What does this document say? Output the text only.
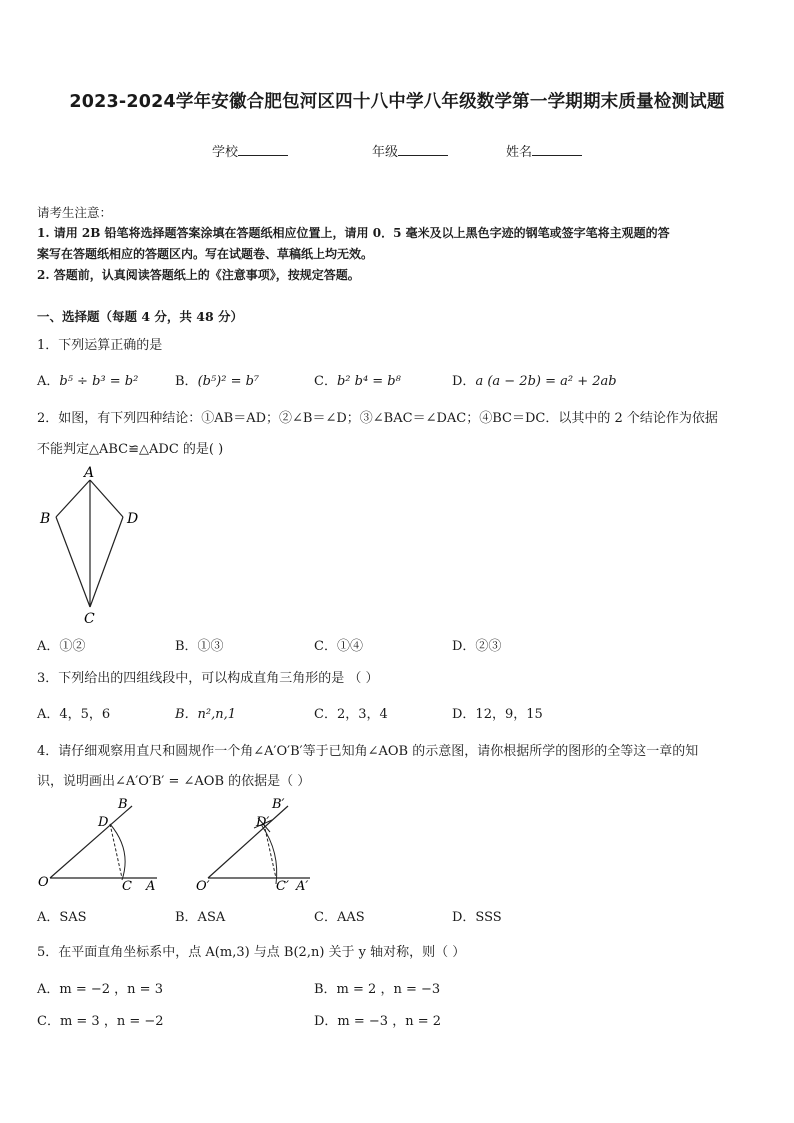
2023-2024学年安徽合肥包河区四十八中学八年级数学第一学期期末质量检测试题
学校	年级	姓名
请考生注意：
1. 请用 2B 铅笔将选择题答案涂填在答题纸相应位置上，请用 0．5 毫米及以上黑色字迹的钢笔或签字笔将主观题的答
案写在答题纸相应的答题区内。写在试题卷、草稿纸上均无效。
2. 答题前，认真阅读答题纸上的《注意事项》，按规定答题。
一、选择题（每题 4 分，共 48 分）
1．下列运算正确的是
A．b⁵ ÷ b³ = b²	B．(b⁵)² = b⁷	C．b² b⁴ = b⁸	D．a (a − 2b) = a² + 2ab
2．如图，有下列四种结论：①AB＝AD；②∠B＝∠D；③∠BAC＝∠DAC；④BC＝DC．以其中的 2 个结论作为依据
不能判定△ABC≌△ADC 的是( )
A
B	D
C
A．①②	B．①③	C．①④	D．②③
3．下列给出的四组线段中，可以构成直角三角形的是 （ ）
A．4，5，6	B．n²,n,1	C．2，3，4	D．12，9，15
4．请仔细观察用直尺和圆规作一个角∠A′O′B′等于已知角∠AOB 的示意图，请你根据所学的图形的全等这一章的知
识，说明画出∠A′O′B′ = ∠AOB 的依据是（ ）
O	C A
B
D
O′	C′ A′
B′
D′
A．SAS	B．ASA	C．AAS	D．SSS
5．在平面直角坐标系中，点 A(m,3) 与点 B(2,n) 关于 y 轴对称，则（ ）
A．m = −2 ，n = 3	B．m = 2 ，n = −3
C．m = 3 ，n = −2	D．m = −3 ，n = 2
